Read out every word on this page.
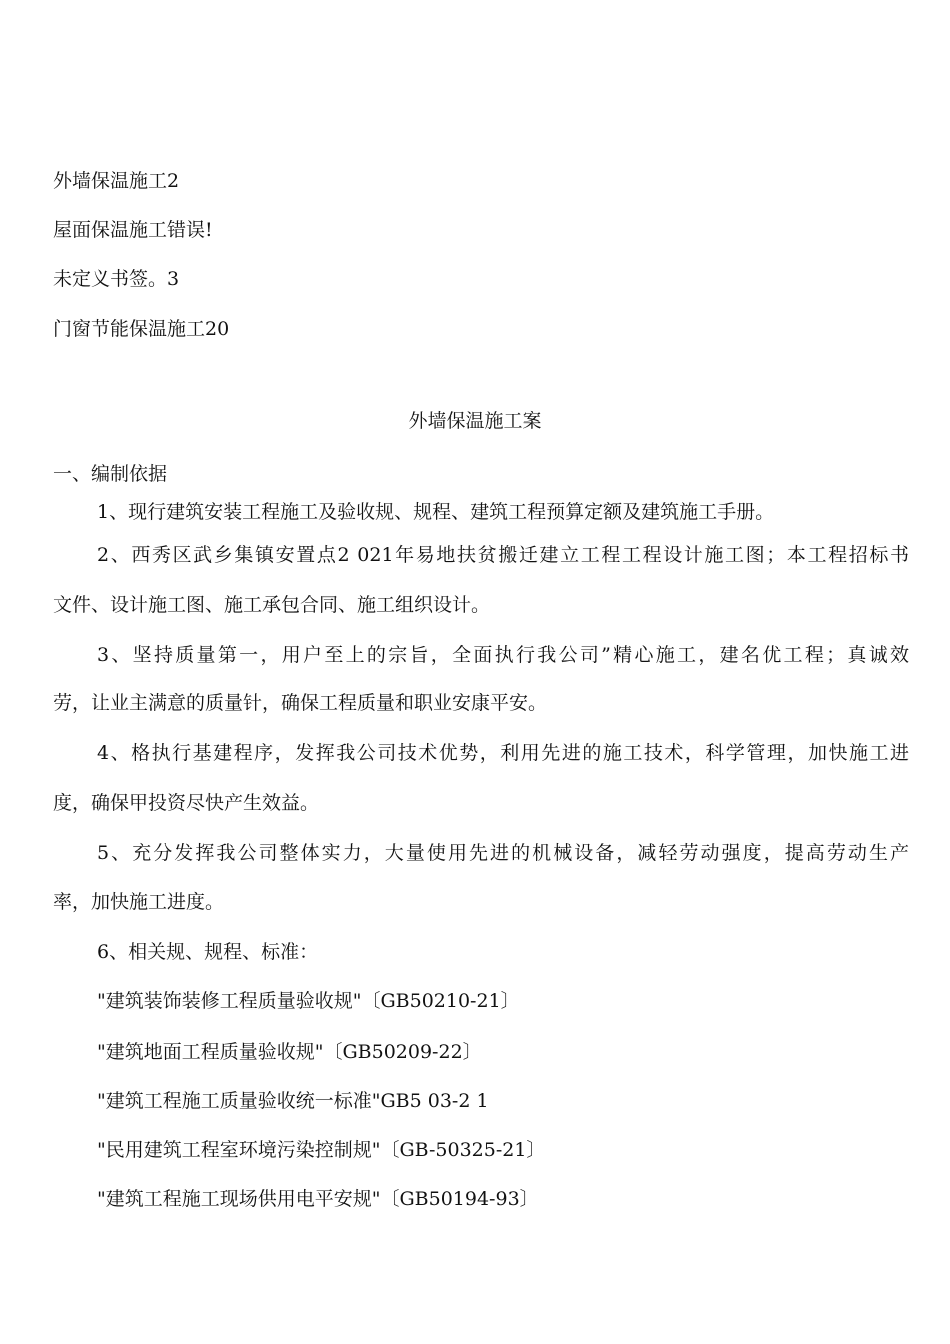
外墙保温施工2
屋面保温施工错误!
未定义书签。3
门窗节能保温施工20
外墙保温施工案
一、编制依据
1、现行建筑安装工程施工及验收规、规程、建筑工程预算定额及建筑施工手册。
2、西秀区武乡集镇安置点2 021年易地扶贫搬迁建立工程工程设计施工图；本工程招标书
文件、设计施工图、施工承包合同、施工组织设计。
3、坚持质量第一，用户至上的宗旨，全面执行我公司”精心施工，建名优工程；真诚效
劳，让业主满意的质量针，确保工程质量和职业安康平安。
4、格执行基建程序，发挥我公司技术优势，利用先进的施工技术，科学管理，加快施工进
度，确保甲投资尽快产生效益。
5、充分发挥我公司整体实力，大量使用先进的机械设备，减轻劳动强度，提高劳动生产
率，加快施工进度。
6、相关规、规程、标准：
"建筑装饰装修工程质量验收规"〔GB50210-21〕
"建筑地面工程质量验收规"〔GB50209-22〕
"建筑工程施工质量验收统一标准"GB5 03-2 1
"民用建筑工程室环境污染控制规"〔GB-50325-21〕
"建筑工程施工现场供用电平安规"〔GB50194-93〕
